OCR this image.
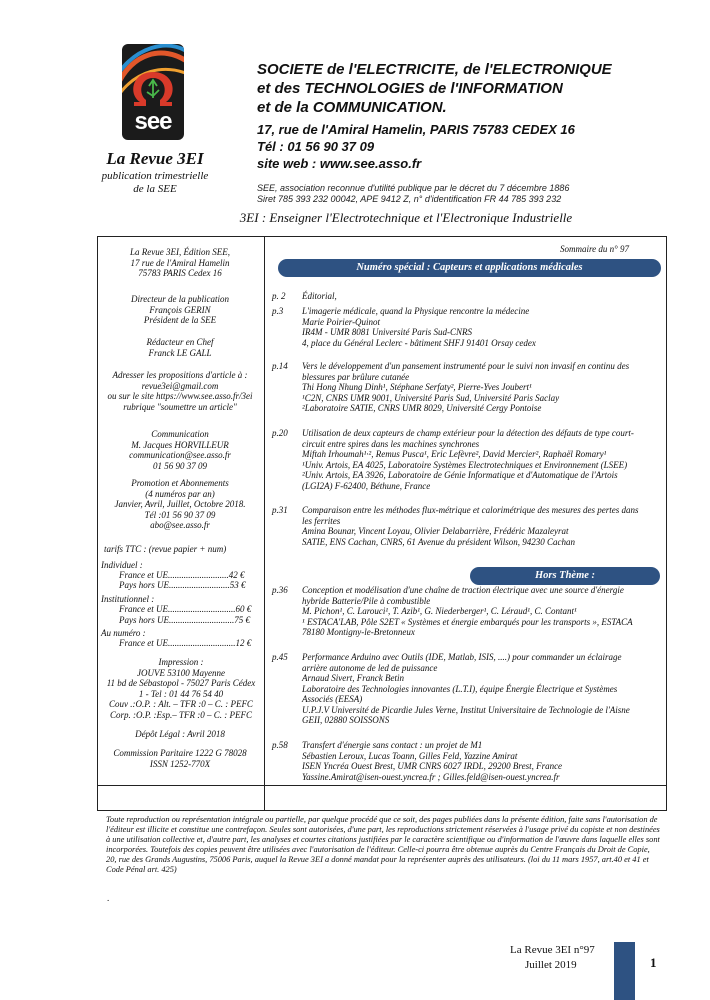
see
SOCIETE de l'ELECTRICITE, de l'ELECTRONIQUE
et des TECHNOLOGIES de l'INFORMATION
et de la COMMUNICATION.
17, rue de l'Amiral Hamelin, PARIS 75783 CEDEX 16
Tél : 01 56 90 37 09
site web : www.see.asso.fr
SEE, association reconnue d'utilité publique par le décret du 7 décembre 1886
Siret 785 393 232 00042, APE 9412 Z, n° d'identification FR 44 785 393 232
La Revue 3EI
publication trimestrielle
de la SEE
3EI : Enseigner l'Electrotechnique et l'Electronique Industrielle
La Revue 3EI, Édition SEE,
17 rue de l'Amiral Hamelin
75783 PARIS Cedex 16
Directeur de la publication
François GERIN
Président de la SEE
Rédacteur en Chef
Franck LE GALL
Adresser les propositions d'article à :
revue3ei@gmail.com
ou sur le site https://www.see.asso.fr/3ei
rubrique "soumettre un article"
Communication
M. Jacques HORVILLEUR
communication@see.asso.fr
01 56 90 37 09
Promotion et Abonnements
(4 numéros par an)
Janvier, Avril, Juillet, Octobre 2018.
Tél :01 56 90 37 09
abo@see.asso.fr
tarifs TTC : (revue papier + num)
Individuel :
France et UE...........................42 €
Pays hors UE...........................53 €
Institutionnel :
France et UE..............................60 €
Pays hors UE.............................75 €
Au numéro :
France et UE..............................12 €
Impression :
JOUVE 53100 Mayenne
11 bd de Sébastopol - 75027 Paris Cédex
1 - Tel : 01 44 76 54 40
Couv .:O.P. : Alt. – TFR :0 – C. : PEFC
Corp. :O.P. :Esp.– TFR :0 – C. : PEFC
Dépôt Légal : Avril 2018
Commission Paritaire 1222 G 78028
ISSN 1252-770X
Sommaire du n° 97
Numéro spécial : Capteurs et applications médicales
p. 2 Éditorial,
p.3 L'imagerie médicale, quand la Physique rencontre la médecine
Marie Poirier-Quinot
IR4M - UMR 8081 Université Paris Sud-CNRS
4, place du Général Leclerc - bâtiment SHFJ 91401 Orsay cedex
p.14 Vers le développement d'un pansement instrumenté pour le suivi non invasif en continu des
blessures par brûlure cutanée
Thi Hong Nhung Dinh¹, Stéphane Serfaty², Pierre-Yves Joubert¹
¹C2N, CNRS UMR 9001, Université Paris Sud, Université Paris Saclay
²Laboratoire SATIE, CNRS UMR 8029, Université Cergy Pontoise
p.20 Utilisation de deux capteurs de champ extérieur pour la détection des défauts de type court-
circuit entre spires dans les machines synchrones
Miftah Irhoumah¹·², Remus Pusca¹, Eric Lefèvre², David Mercier², Raphaël Romary¹
¹Univ. Artois, EA 4025, Laboratoire Systèmes Electrotechniques et Environnement (LSEE)
²Univ. Artois, EA 3926, Laboratoire de Génie Informatique et d'Automatique de l'Artois
(LGI2A) F-62400, Béthune, France
p.31 Comparaison entre les méthodes flux-métrique et calorimétrique des mesures des pertes dans
les ferrites
Amina Bounar, Vincent Loyau, Olivier Delabarrière, Frédéric Mazaleyrat
SATIE, ENS Cachan, CNRS, 61 Avenue du président Wilson, 94230 Cachan
Hors Thème :
p.36 Conception et modélisation d'une chaîne de traction électrique avec une source d'énergie
hybride Batterie/Pile à combustible
M. Pichon¹, C. Larouci¹, T. Azib¹, G. Niederberger¹, C. Léraud¹, C. Contant¹
¹ ESTACA'LAB, Pôle S2ET « Systèmes et énergie embarqués pour les transports », ESTACA
78180 Montigny-le-Bretonneux
p.45 Performance Arduino avec Outils (IDE, Matlab, ISIS, ....) pour commander un éclairage
arrière autonome de led de puissance
Arnaud Sivert, Franck Betin
Laboratoire des Technologies innovantes (L.T.I), équipe Énergie Électrique et Systèmes
Associés (EESA)
U.P.J.V Université de Picardie Jules Verne, Institut Universitaire de Technologie de l'Aisne
GEII, 02880 SOISSONS
p.58 Transfert d'énergie sans contact : un projet de M1
Sébastien Leroux, Lucas Toann, Gilles Feld, Yazzine Amirat
ISEN Yncréa Ouest Brest, UMR CNRS 6027 IRDL, 29200 Brest, France
Yassine.Amirat@isen-ouest.yncrea.fr ; Gilles.feld@isen-ouest.yncrea.fr
Toute reproduction ou représentation intégrale ou partielle, par quelque procédé que ce soit, des pages publiées dans la présente édition, faite sans l'autorisation de l'éditeur est illicite et constitue une contrefaçon. Seules sont autorisées, d'une part, les reproductions strictement réservées à l'usage privé du copiste et non destinées à une utilisation collective et, d'autre part, les analyses et courtes citations justifiées par le caractère scientifique ou d'information de l'œuvre dans laquelle elles sont incorporées. Toutefois des copies peuvent être utilisées avec l'autorisation de l'éditeur. Celle-ci pourra être obtenue auprès du Centre Français du Droit de Copie, 20, rue des Grands Augustins, 75006 Paris, auquel la Revue 3EI a donné mandat pour la représenter auprès des utilisateurs. (loi du 11 mars 1957, art.40 et 41 et Code Pénal art. 425)
.
La Revue 3EI n°97
Juillet 2019	1
